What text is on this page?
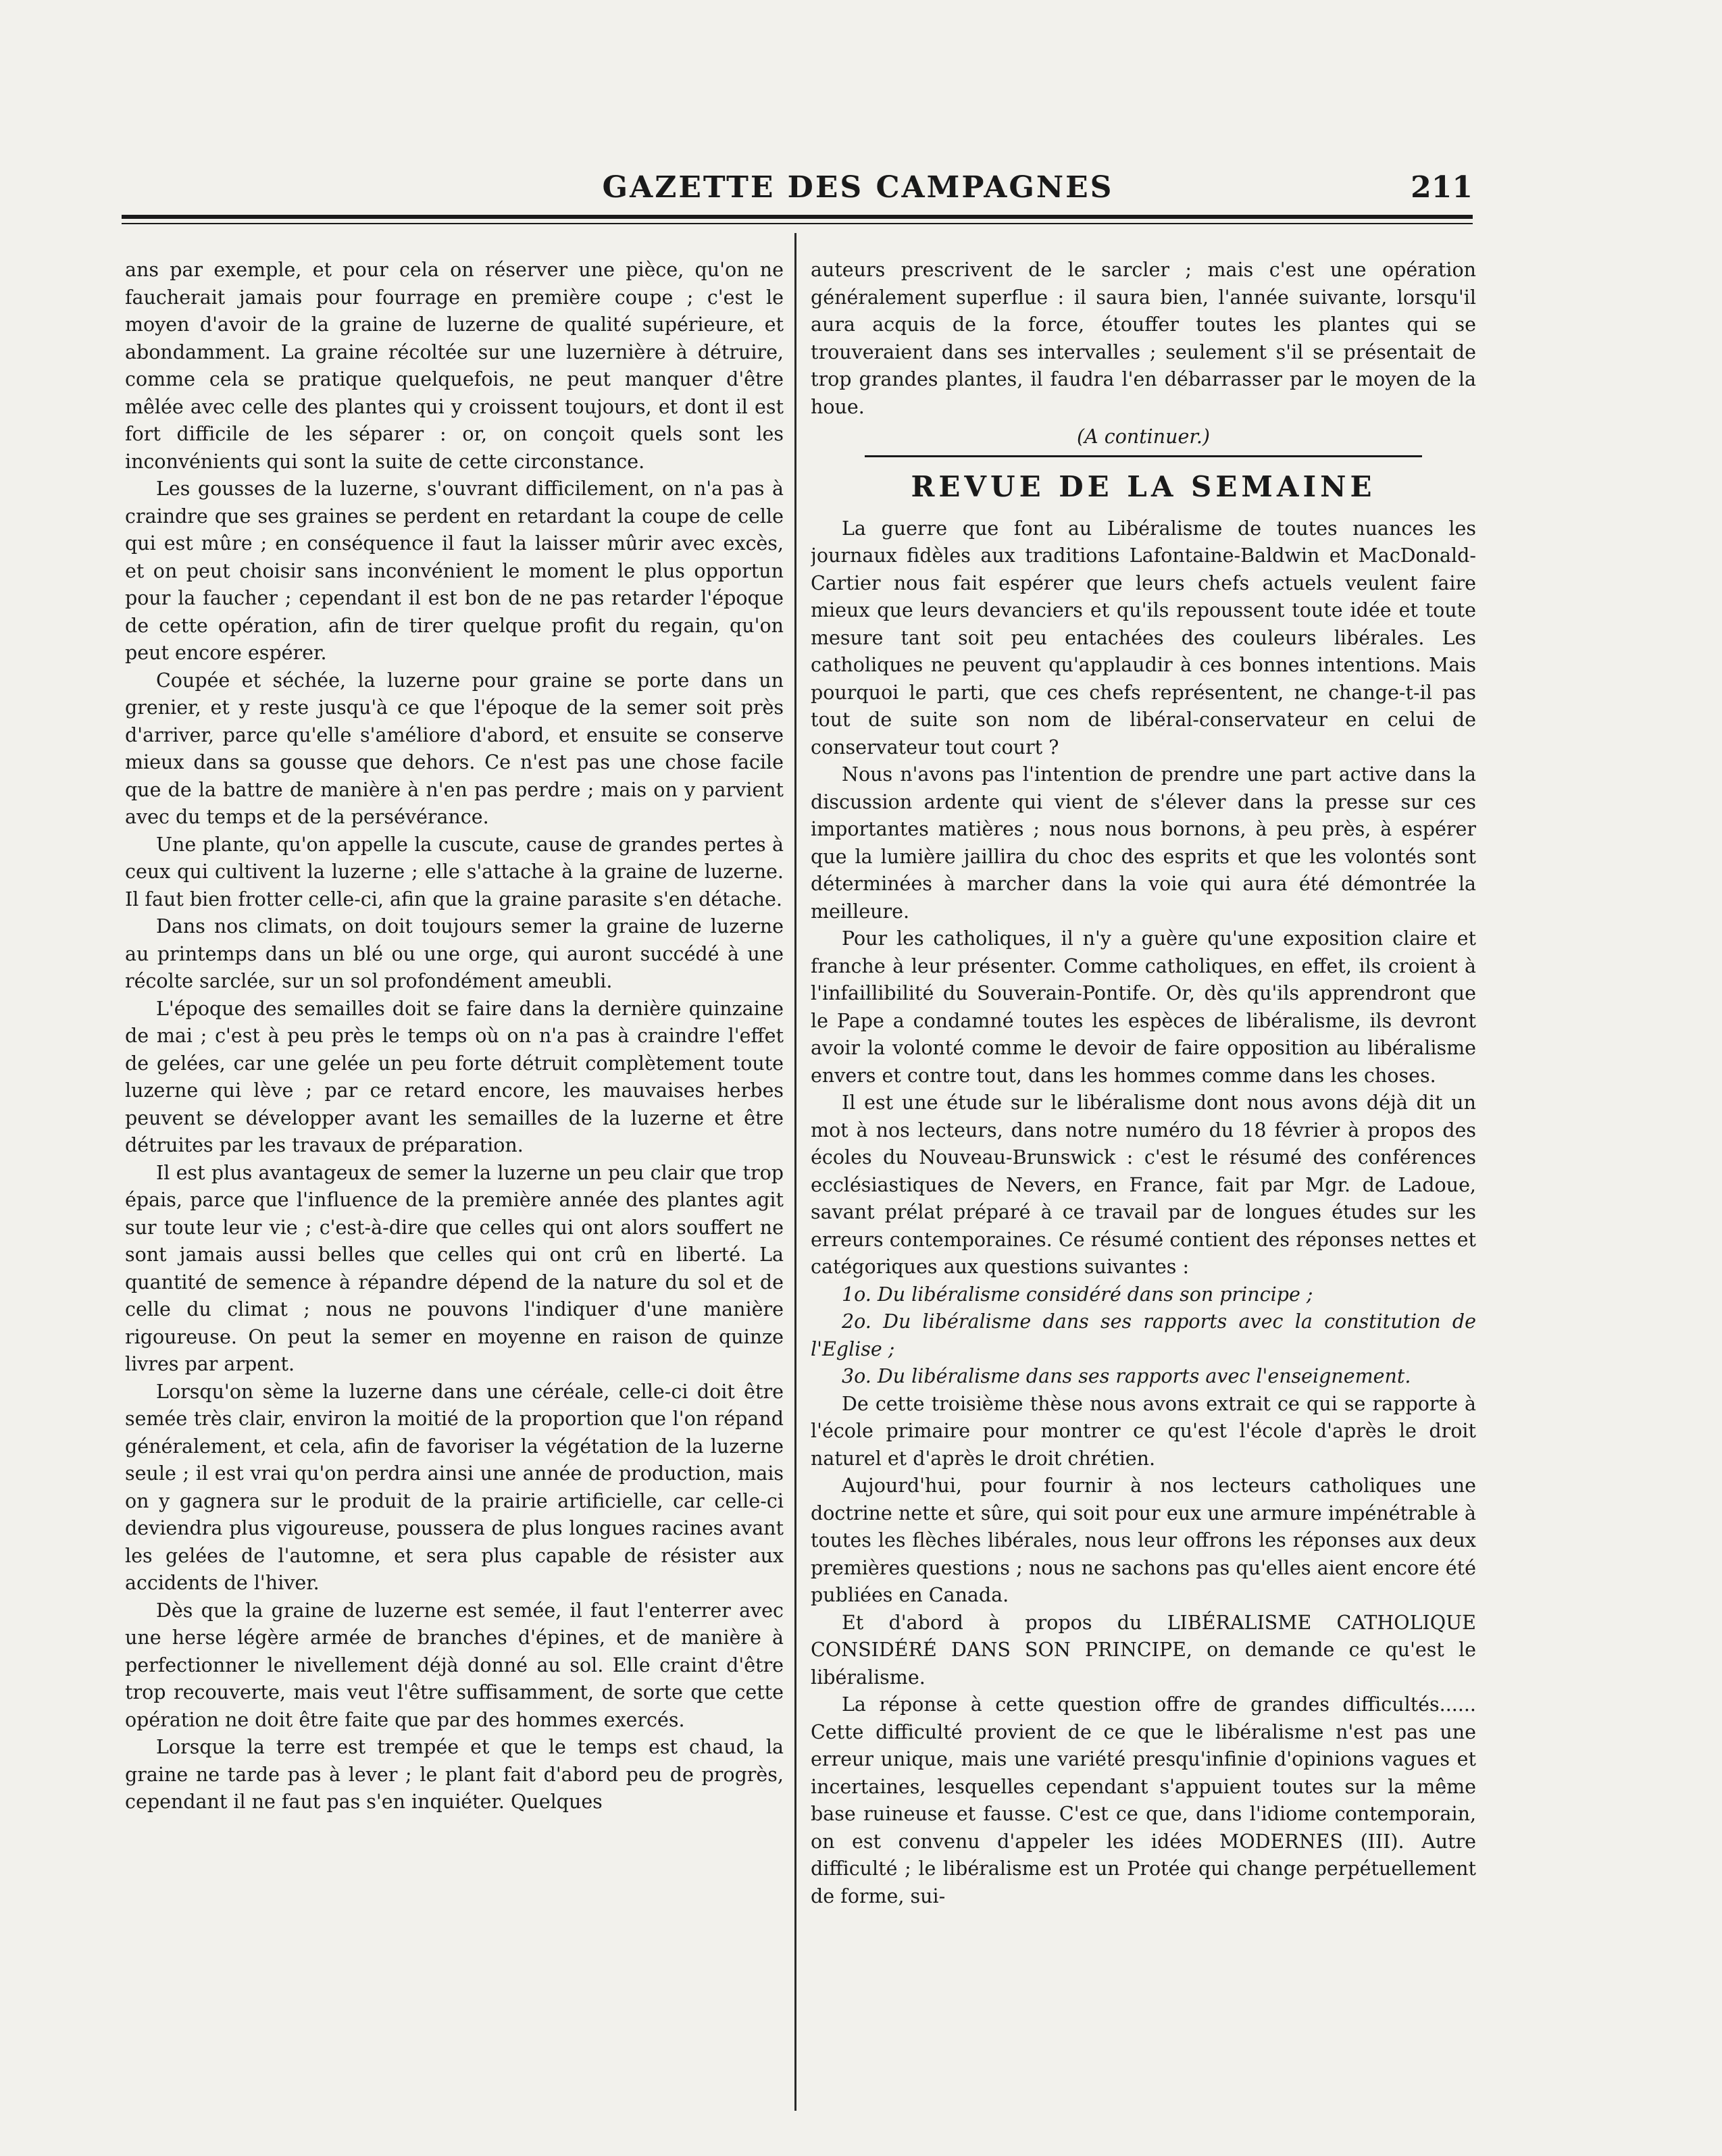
GAZETTE DES CAMPAGNES	211

ans par exemple, et pour cela on réserver une pièce, qu'on ne faucherait jamais pour fourrage en première coupe ; c'est le moyen d'avoir de la graine de luzerne de qualité supérieure, et abondamment. La graine récoltée sur une luzernière à détruire, comme cela se pratique quelquefois, ne peut manquer d'être mêlée avec celle des plantes qui y croissent toujours, et dont il est fort difficile de les séparer : or, on conçoit quels sont les inconvénients qui sont la suite de cette circonstance.

Les gousses de la luzerne, s'ouvrant difficilement, on n'a pas à craindre que ses graines se perdent en retardant la coupe de celle qui est mûre ; en conséquence il faut la laisser mûrir avec excès, et on peut choisir sans inconvénient le moment le plus opportun pour la faucher ; cependant il est bon de ne pas retarder l'époque de cette opération, afin de tirer quelque profit du regain, qu'on peut encore espérer.

Coupée et séchée, la luzerne pour graine se porte dans un grenier, et y reste jusqu'à ce que l'époque de la semer soit près d'arriver, parce qu'elle s'améliore d'abord, et ensuite se conserve mieux dans sa gousse que dehors. Ce n'est pas une chose facile que de la battre de manière à n'en pas perdre ; mais on y parvient avec du temps et de la persévérance.

Une plante, qu'on appelle la cuscute, cause de grandes pertes à ceux qui cultivent la luzerne ; elle s'attache à la graine de luzerne. Il faut bien frotter celle-ci, afin que la graine parasite s'en détache.

Dans nos climats, on doit toujours semer la graine de luzerne au printemps dans un blé ou une orge, qui auront succédé à une récolte sarclée, sur un sol profondément ameubli.

L'époque des semailles doit se faire dans la dernière quinzaine de mai ; c'est à peu près le temps où on n'a pas à craindre l'effet de gelées, car une gelée un peu forte détruit complètement toute luzerne qui lève ; par ce retard encore, les mauvaises herbes peuvent se développer avant les semailles de la luzerne et être détruites par les travaux de préparation.

Il est plus avantageux de semer la luzerne un peu clair que trop épais, parce que l'influence de la première année des plantes agit sur toute leur vie ; c'est-à-dire que celles qui ont alors souffert ne sont jamais aussi belles que celles qui ont crû en liberté. La quantité de semence à répandre dépend de la nature du sol et de celle du climat ; nous ne pouvons l'indiquer d'une manière rigoureuse. On peut la semer en moyenne en raison de quinze livres par arpent.

Lorsqu'on sème la luzerne dans une céréale, celle-ci doit être semée très clair, environ la moitié de la proportion que l'on répand généralement, et cela, afin de favoriser la végétation de la luzerne seule ; il est vrai qu'on perdra ainsi une année de production, mais on y gagnera sur le produit de la prairie artificielle, car celle-ci deviendra plus vigoureuse, poussera de plus longues racines avant les gelées de l'automne, et sera plus capable de résister aux accidents de l'hiver.

Dès que la graine de luzerne est semée, il faut l'enterrer avec une herse légère armée de branches d'épines, et de manière à perfectionner le nivellement déjà donné au sol. Elle craint d'être trop recouverte, mais veut l'être suffisamment, de sorte que cette opération ne doit être faite que par des hommes exercés.

Lorsque la terre est trempée et que le temps est chaud, la graine ne tarde pas à lever ; le plant fait d'abord peu de progrès, cependant il ne faut pas s'en inquiéter. Quelques

auteurs prescrivent de le sarcler ; mais c'est une opération généralement superflue : il saura bien, l'année suivante, lorsqu'il aura acquis de la force, étouffer toutes les plantes qui se trouveraient dans ses intervalles ; seulement s'il se présentait de trop grandes plantes, il faudra l'en débarrasser par le moyen de la houe.

(A continuer.)

REVUE DE LA SEMAINE

La guerre que font au Libéralisme de toutes nuances les journaux fidèles aux traditions Lafontaine-Baldwin et MacDonald-Cartier nous fait espérer que leurs chefs actuels veulent faire mieux que leurs devanciers et qu'ils repoussent toute idée et toute mesure tant soit peu entachées des couleurs libérales. Les catholiques ne peuvent qu'applaudir à ces bonnes intentions. Mais pourquoi le parti, que ces chefs représentent, ne change-t-il pas tout de suite son nom de libéral-conservateur en celui de conservateur tout court ?

Nous n'avons pas l'intention de prendre une part active dans la discussion ardente qui vient de s'élever dans la presse sur ces importantes matières ; nous nous bornons, à peu près, à espérer que la lumière jaillira du choc des esprits et que les volontés sont déterminées à marcher dans la voie qui aura été démontrée la meilleure.

Pour les catholiques, il n'y a guère qu'une exposition claire et franche à leur présenter. Comme catholiques, en effet, ils croient à l'infaillibilité du Souverain-Pontife. Or, dès qu'ils apprendront que le Pape a condamné toutes les espèces de libéralisme, ils devront avoir la volonté comme le devoir de faire opposition au libéralisme envers et contre tout, dans les hommes comme dans les choses.

Il est une étude sur le libéralisme dont nous avons déjà dit un mot à nos lecteurs, dans notre numéro du 18 février à propos des écoles du Nouveau-Brunswick : c'est le résumé des conférences ecclésiastiques de Nevers, en France, fait par Mgr. de Ladoue, savant prélat préparé à ce travail par de longues études sur les erreurs contemporaines. Ce résumé contient des réponses nettes et catégoriques aux questions suivantes :

1o. Du libéralisme considéré dans son principe ;

2o. Du libéralisme dans ses rapports avec la constitution de l'Eglise ;

3o. Du libéralisme dans ses rapports avec l'enseignement.

De cette troisième thèse nous avons extrait ce qui se rapporte à l'école primaire pour montrer ce qu'est l'école d'après le droit naturel et d'après le droit chrétien.

Aujourd'hui, pour fournir à nos lecteurs catholiques une doctrine nette et sûre, qui soit pour eux une armure impénétrable à toutes les flèches libérales, nous leur offrons les réponses aux deux premières questions ; nous ne sachons pas qu'elles aient encore été publiées en Canada.

Et d'abord à propos du LIBÉRALISME CATHOLIQUE CONSIDÉRÉ DANS SON PRINCIPE, on demande ce qu'est le libéralisme.

La réponse à cette question offre de grandes difficultés...... Cette difficulté provient de ce que le libéralisme n'est pas une erreur unique, mais une variété presqu'infinie d'opinions vagues et incertaines, lesquelles cependant s'appuient toutes sur la même base ruineuse et fausse. C'est ce que, dans l'idiome contemporain, on est convenu d'appeler les idées MODERNES (III). Autre difficulté ; le libéralisme est un Protée qui change perpétuellement de forme, sui-
